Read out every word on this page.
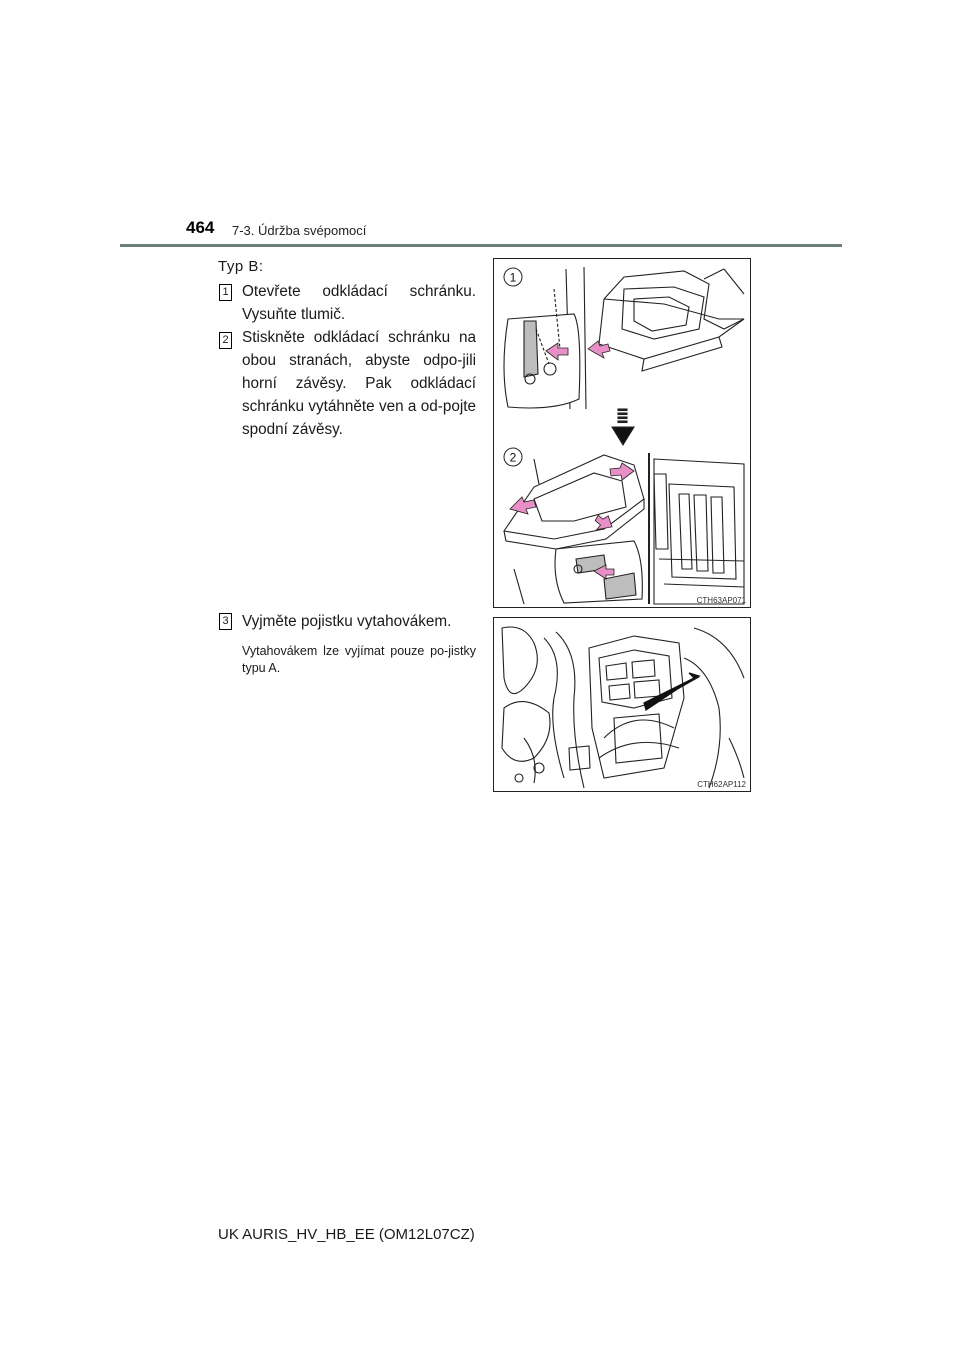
464 7-3. Údržba svépomocí
Typ B:
1 Otevřete odkládací schránku. Vysuňte tlumič.
2 Stiskněte odkládací schránku na obou stranách, abyste odpo-jili horní závěsy. Pak odkládací schránku vytáhněte ven a od-pojte spodní závěsy.
3 Vyjměte pojistku vytahovákem.
Vytahovákem lze vyjímat pouze po-jistky typu A.
1
2
CTH63AP071
CTH62AP112
UK AURIS_HV_HB_EE (OM12L07CZ)
